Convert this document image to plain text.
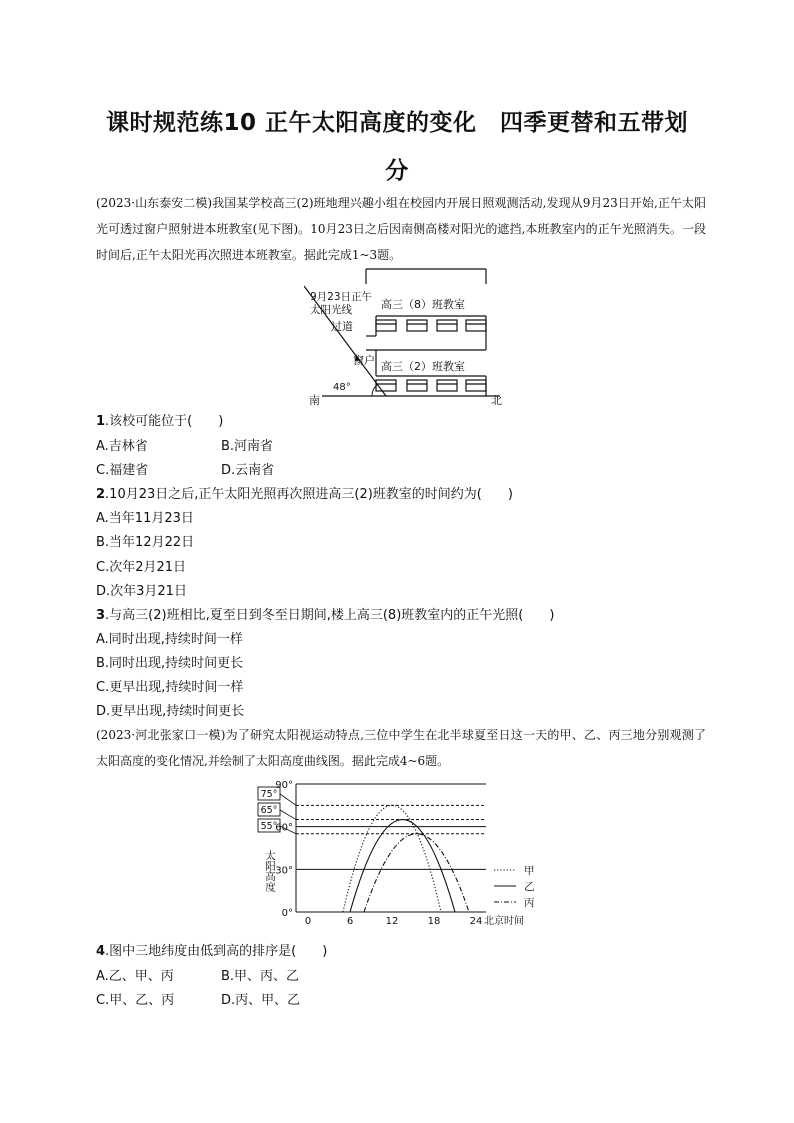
课时规范练10 正午太阳高度的变化　四季更替和五带划
分
(2023·山东泰安二模)我国某学校高三(2)班地理兴趣小组在校园内开展日照观测活动,发现从9月23日开始,正午太阳光可透过窗户照射进本班教室(见下图)。10月23日之后因南侧高楼对阳光的遮挡,本班教室内的正午光照消失。一段时间后,正午太阳光再次照进本班教室。据此完成1~3题。
9月23日正午
太阳光线
过道
窗户
高三（8）班教室
高三（2）班教室
48°
南	北
1.该校可能位于(　　)
A.吉林省	B.河南省
C.福建省	D.云南省
2.10月23日之后,正午太阳光照再次照进高三(2)班教室的时间约为(　　)
A.当年11月23日
B.当年12月22日
C.次年2月21日
D.次年3月21日
3.与高三(2)班相比,夏至日到冬至日期间,楼上高三(8)班教室内的正午光照(　　)
A.同时出现,持续时间一样
B.同时出现,持续时间更长
C.更早出现,持续时间一样
D.更早出现,持续时间更长
(2023·河北张家口一模)为了研究太阳视运动特点,三位中学生在北半球夏至日这一天的甲、乙、丙三地分别观测了太阳高度的变化情况,并绘制了太阳高度曲线图。据此完成4~6题。
0°
30°
60°
90°
75°
65°
55°
0	6	12	18	24 北京时间
太阳高度	甲
乙
丙
4.图中三地纬度由低到高的排序是(　　)
A.乙、甲、丙	B.甲、丙、乙
C.甲、乙、丙	D.丙、甲、乙
